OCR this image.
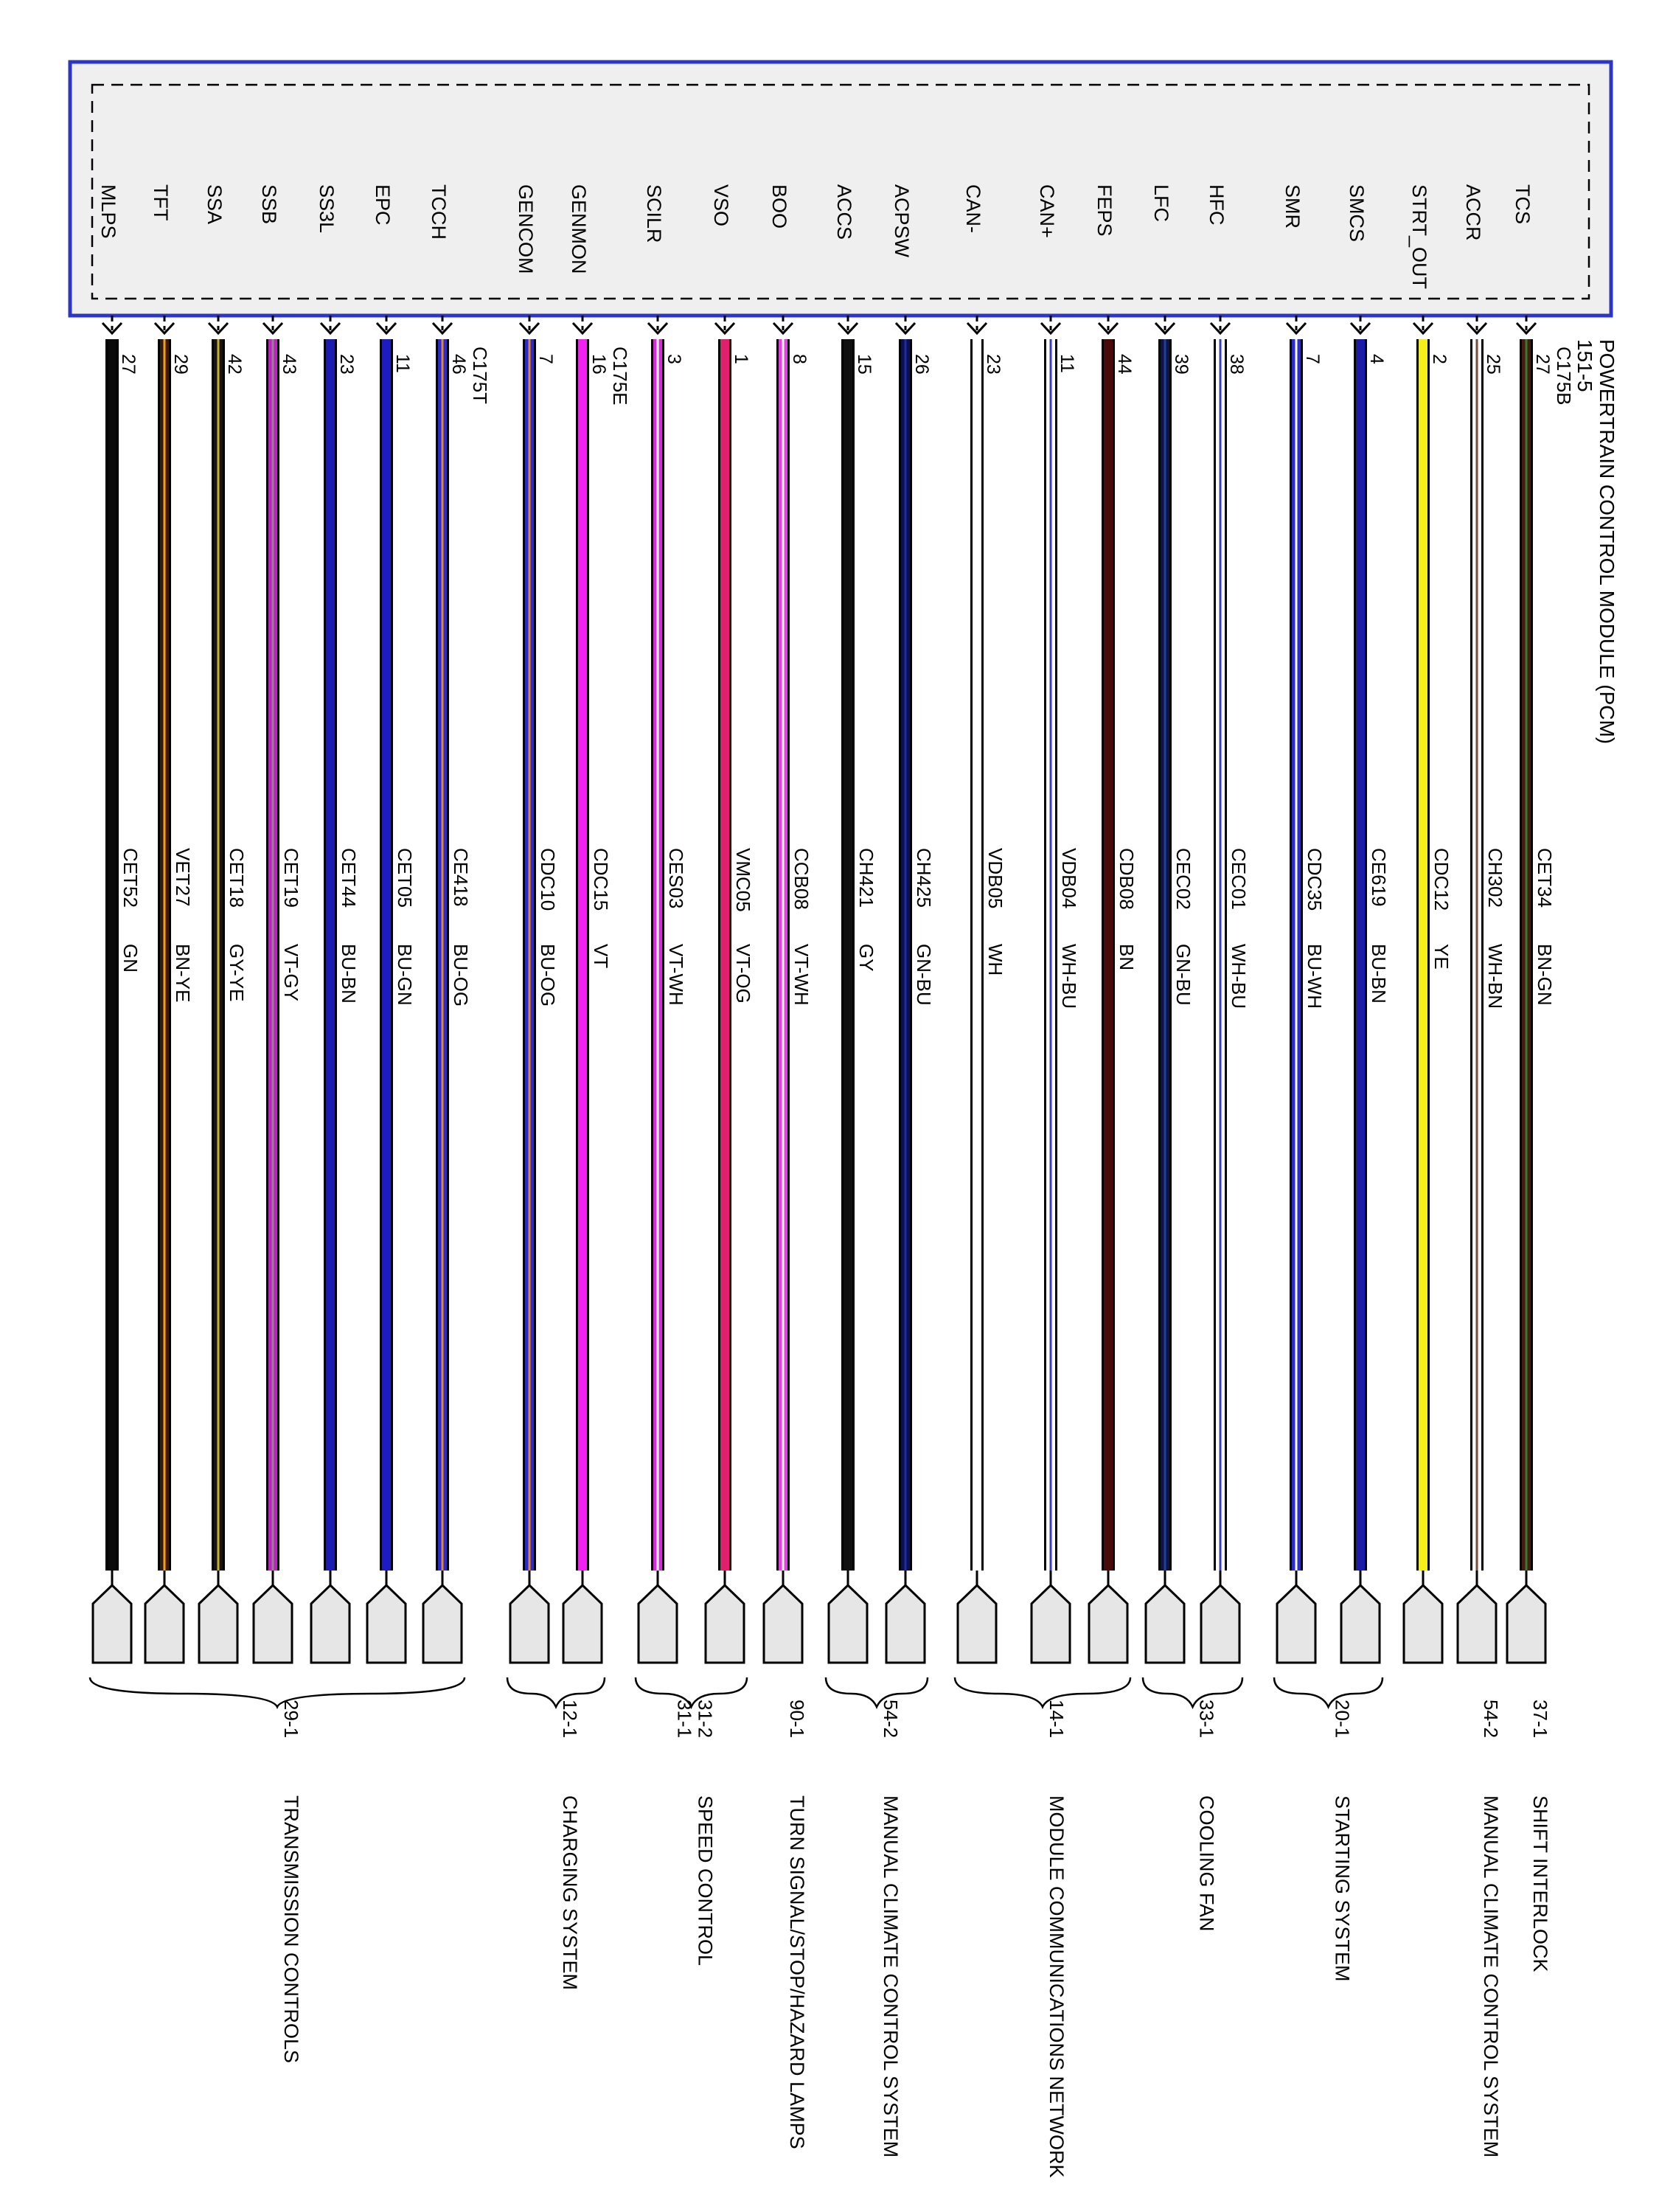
POWERTRAIN CONTROL MODULE (PCM)
151-5
TCS
27
CET34
BN-GN
ACCR
25
CH302
WH-BN
STRT_OUT
2
CDC12
YE
SMCS
4
CE619
BU-BN
SMR
7
CDC35
BU-WH
HFC
38
CEC01
WH-BU
LFC
39
CEC02
GN-BU
FEPS
44
CDB08
BN
CAN+
11
VDB04
WH-BU
CAN-
23
VDB05
WH
ACPSW
26
CH425
GN-BU
ACCS
15
CH421
GY
BOO
8
CCB08
VT-WH
VSO
1
VMC05
VT-OG
SCILR
3
CES03
VT-WH
GENMON
16
CDC15
VT
GENCOM
7
CDC10
BU-OG
TCCH
46
CE418
BU-OG
EPC
11
CET05
BU-GN
SS3L
23
CET44
BU-BN
SSB
43
CET19
VT-GY
SSA
42
CET18
GY-YE
TFT
29
VET27
BN-YE
MLPS
27
CET52
GN
C175B
C175E
C175T
37-1
SHIFT INTERLOCK
54-2
MANUAL CLIMATE CONTROL SYSTEM
20-1
STARTING SYSTEM
33-1
COOLING FAN
14-1
MODULE COMMUNICATIONS NETWORK
54-2
MANUAL CLIMATE CONTROL SYSTEM
90-1
TURN SIGNAL/STOP/HAZARD LAMPS
31-1
31-2
SPEED CONTROL
12-1
CHARGING SYSTEM
29-1
TRANSMISSION CONTROLS
